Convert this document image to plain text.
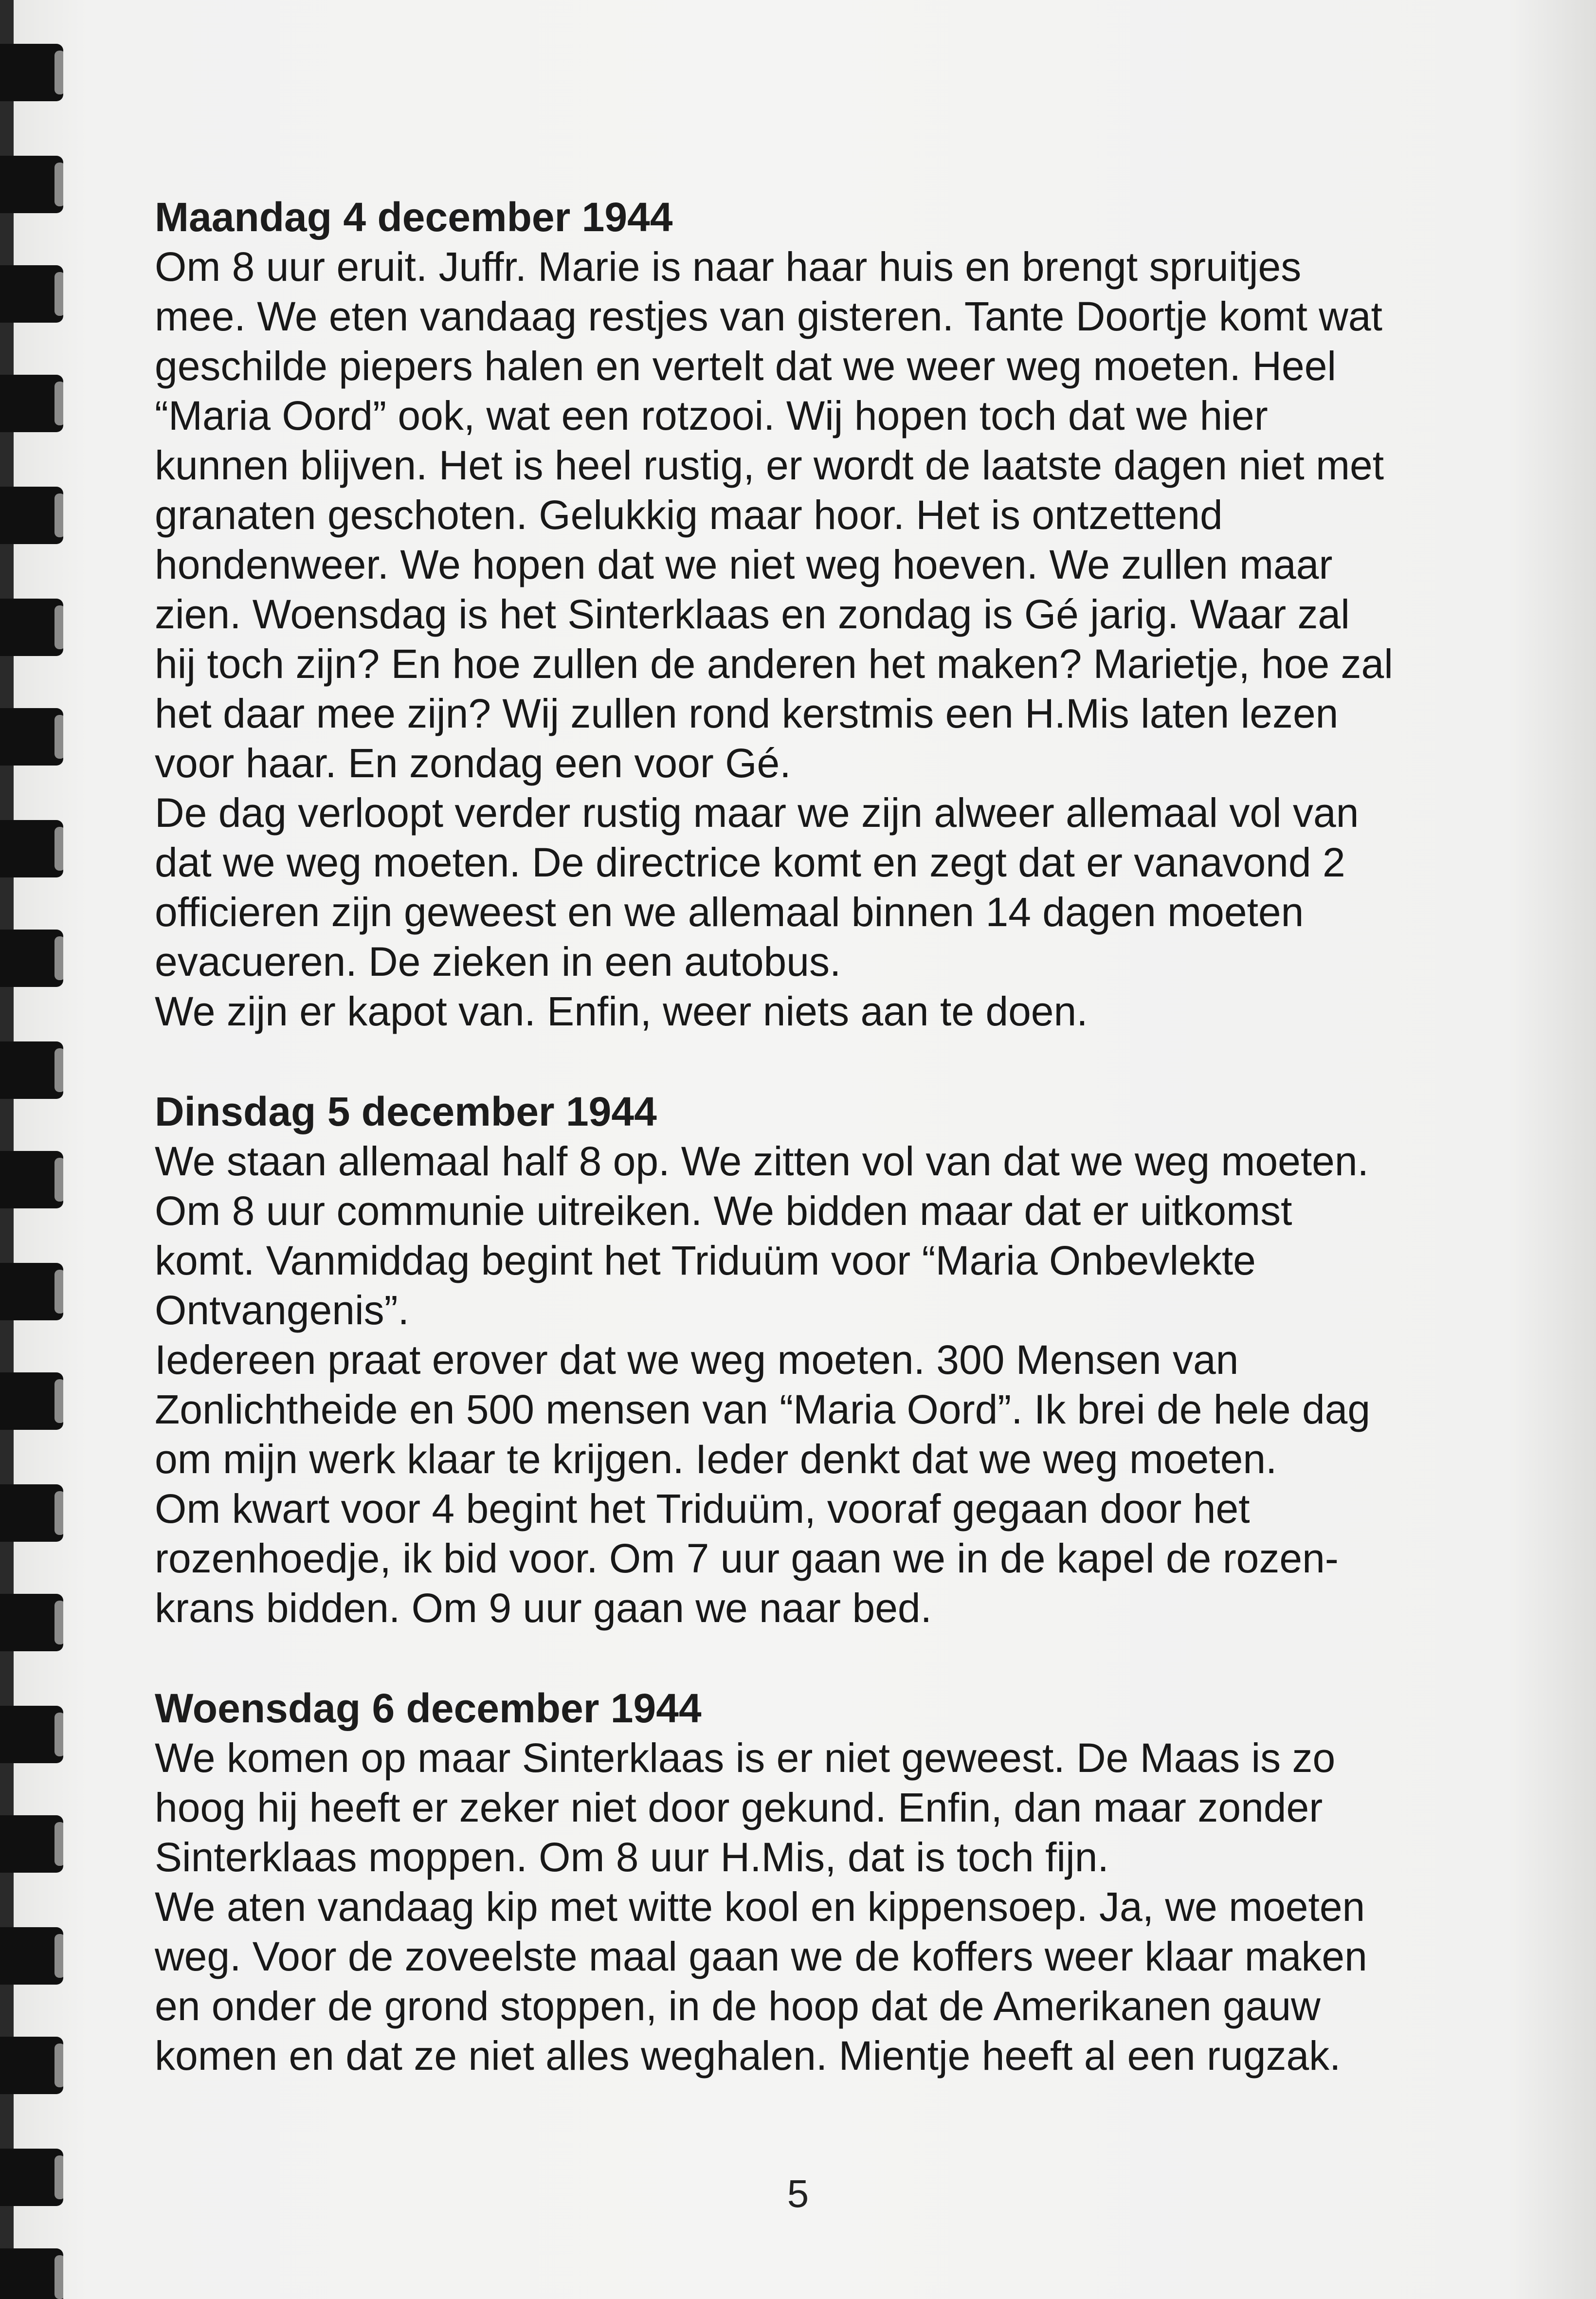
Maandag 4 december 1944

Om 8 uur eruit. Juffr. Marie is naar haar huis en brengt spruitjes
mee. We eten vandaag restjes van gisteren. Tante Doortje komt wat
geschilde piepers halen en vertelt dat we weer weg moeten. Heel
“Maria Oord” ook, wat een rotzooi. Wij hopen toch dat we hier
kunnen blijven. Het is heel rustig, er wordt de laatste dagen niet met
granaten geschoten. Gelukkig maar hoor. Het is ontzettend
hondenweer. We hopen dat we niet weg hoeven. We zullen maar
zien. Woensdag is het Sinterklaas en zondag is Gé jarig. Waar zal
hij toch zijn? En hoe zullen de anderen het maken? Marietje, hoe zal
het daar mee zijn? Wij zullen rond kerstmis een H.Mis laten lezen
voor haar. En zondag een voor Gé.

De dag verloopt verder rustig maar we zijn alweer allemaal vol van
dat we weg moeten. De directrice komt en zegt dat er vanavond 2
officieren zijn geweest en we allemaal binnen 14 dagen moeten
evacueren. De zieken in een autobus.

We zijn er kapot van. Enfin, weer niets aan te doen.

Dinsdag 5 december 1944

We staan allemaal half 8 op. We zitten vol van dat we weg moeten.
Om 8 uur communie uitreiken. We bidden maar dat er uitkomst
komt. Vanmiddag begint het Triduüm voor “Maria Onbevlekte
Ontvangenis”.

Iedereen praat erover dat we weg moeten. 300 Mensen van
Zonlichtheide en 500 mensen van “Maria Oord”. Ik brei de hele dag
om mijn werk klaar te krijgen. Ieder denkt dat we weg moeten.
Om kwart voor 4 begint het Triduüm, vooraf gegaan door het
rozenhoedje, ik bid voor. Om 7 uur gaan we in de kapel de rozen-
krans bidden. Om 9 uur gaan we naar bed.

Woensdag 6 december 1944

We komen op maar Sinterklaas is er niet geweest. De Maas is zo
hoog hij heeft er zeker niet door gekund. Enfin, dan maar zonder
Sinterklaas moppen. Om 8 uur H.Mis, dat is toch fijn.

We aten vandaag kip met witte kool en kippensoep. Ja, we moeten
weg. Voor de zoveelste maal gaan we de koffers weer klaar maken
en onder de grond stoppen, in de hoop dat de Amerikanen gauw
komen en dat ze niet alles weghalen. Mientje heeft al een rugzak.

5
